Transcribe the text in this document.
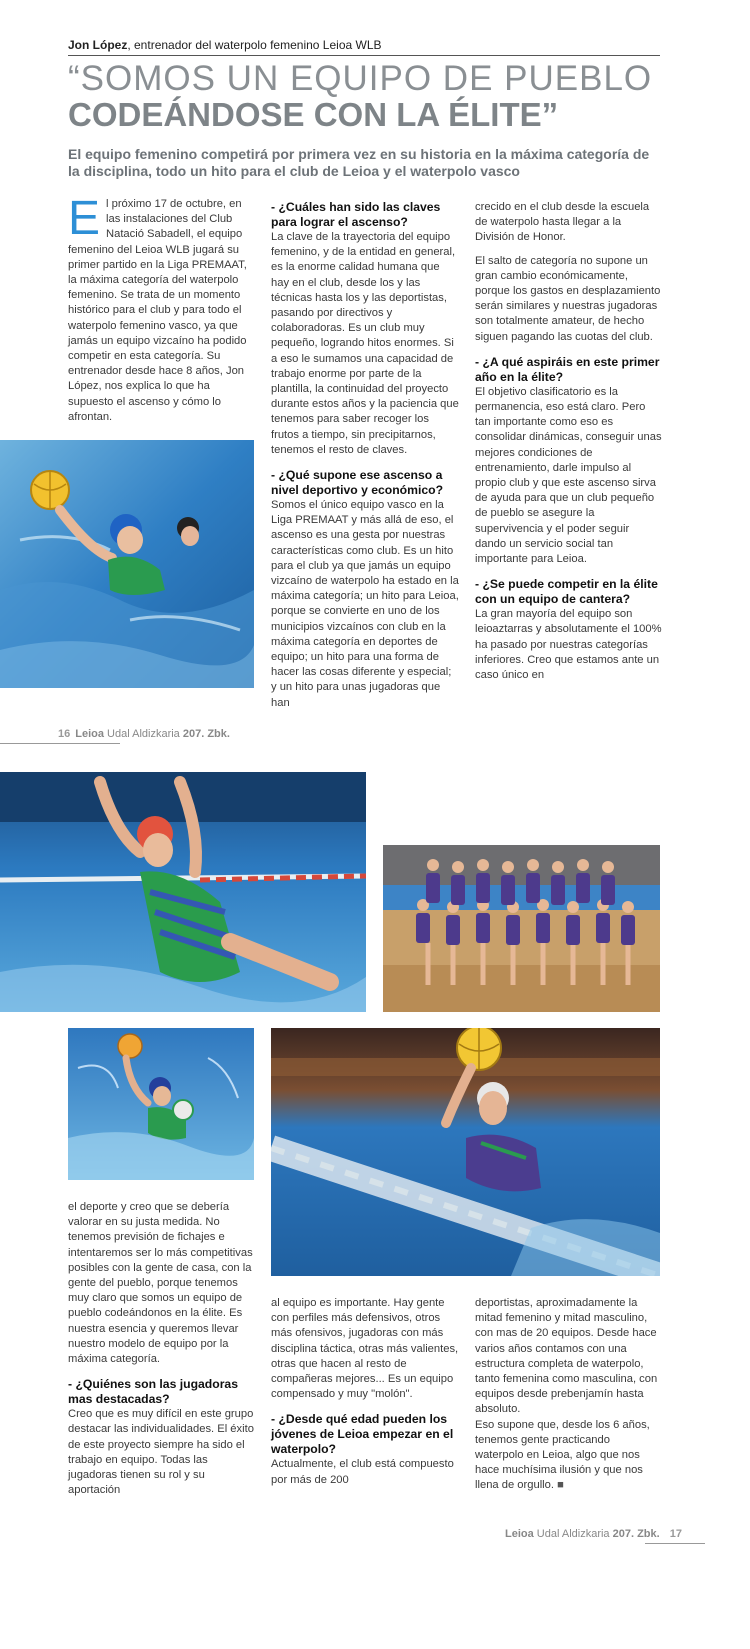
Jon López, entrenador del waterpolo femenino Leioa WLB
“SOMOS UN EQUIPO DE PUEBLO
CODEÁNDOSE CON LA ÉLITE”
El equipo femenino competirá por primera vez en su historia en la máxima categoría de la disciplina, todo un hito para el club de Leioa y el waterpolo vasco
El próximo 17 de octubre, en las instalaciones del Club Natació Sabadell, el equipo femenino del Leioa WLB jugará su primer partido en la Liga PREMAAT, la máxima categoría del waterpolo femenino. Se trata de un momento histórico para el club y para todo el waterpolo femenino vasco, ya que jamás un equipo vizcaíno ha podido competir en esta categoría. Su entrenador desde hace 8 años, Jon López, nos explica lo que ha supuesto el ascenso y cómo lo afrontan.
- ¿Cuáles han sido las claves para lograr el ascenso?

La clave de la trayectoria del equipo femenino, y de la entidad en general, es la enorme calidad humana que hay en el club, desde los y las técnicas hasta los y las deportistas, pasando por directivos y colaboradoras. Es un club muy pequeño, logrando hitos enormes. Si a eso le sumamos una capacidad de trabajo enorme por parte de la plantilla, la continuidad del proyecto durante estos años y la paciencia que tenemos para saber recoger los frutos a tiempo, sin precipitarnos, tenemos el resto de claves.

- ¿Qué supone ese ascenso a nivel deportivo y económico?

Somos el único equipo vasco en la Liga PREMAAT y más allá de eso, el ascenso es una gesta por nuestras características como club. Es un hito para el club ya que jamás un equipo vizcaíno de waterpolo ha estado en la máxima categoría; un hito para Leioa, porque se convierte en uno de los municipios vizcaínos con club en la máxima categoría en deportes de equipo; un hito para una forma de hacer las cosas diferente y especial; y un hito para unas jugadoras que han

crecido en el club desde la escuela de waterpolo hasta llegar a la División de Honor.

El salto de categoría no supone un gran cambio económicamente, porque los gastos en desplazamiento serán similares y nuestras jugadoras son totalmente amateur, de hecho siguen pagando las cuotas del club.

- ¿A qué aspiráis en este primer año en la élite?

El objetivo clasificatorio es la permanencia, eso está claro. Pero tan importante como eso es consolidar dinámicas, conseguir unas mejores condiciones de entrenamiento, darle impulso al propio club y que este ascenso sirva de ayuda para que un club pequeño de pueblo se asegure la supervivencia y el poder seguir dando un servicio social tan importante para Leioa.

- ¿Se puede competir en la élite con un equipo de cantera?

La gran mayoría del equipo son leioaztarras y absolutamente el 100% ha pasado por nuestras categorías inferiores. Creo que estamos ante un caso único en

16 Leioa Udal Aldizkaria 207. Zbk.

el deporte y creo que se debería valorar en su justa medida. No tenemos previsión de fichajes e intentaremos ser lo más competitivas posibles con la gente de casa, con la gente del pueblo, porque tenemos muy claro que somos un equipo de pueblo codeándonos en la élite. Es nuestra esencia y queremos llevar nuestro modelo de equipo por la máxima categoría.

- ¿Quiénes son las jugadoras mas destacadas?

Creo que es muy difícil en este grupo destacar las individualidades. El éxito de este proyecto siempre ha sido el trabajo en equipo. Todas las jugadoras tienen su rol y su aportación

al equipo es importante. Hay gente con perfiles más defensivos, otros más ofensivos, jugadoras con más disciplina táctica, otras más valientes, otras que hacen al resto de compañeras mejores... Es un equipo compensado y muy "molón".

- ¿Desde qué edad pueden los jóvenes de Leioa empezar en el waterpolo?

Actualmente, el club está compuesto por más de 200

deportistas, aproximadamente la mitad femenino y mitad masculino, con mas de 20 equipos. Desde hace varios años contamos con una estructura completa de waterpolo, tanto femenina como masculina, con equipos desde prebenjamín hasta absoluto.

Eso supone que, desde los 6 años, tenemos gente practicando waterpolo en Leioa, algo que nos hace muchísima ilusión y que nos llena de orgullo. ■

Leioa Udal Aldizkaria 207. Zbk. 17
